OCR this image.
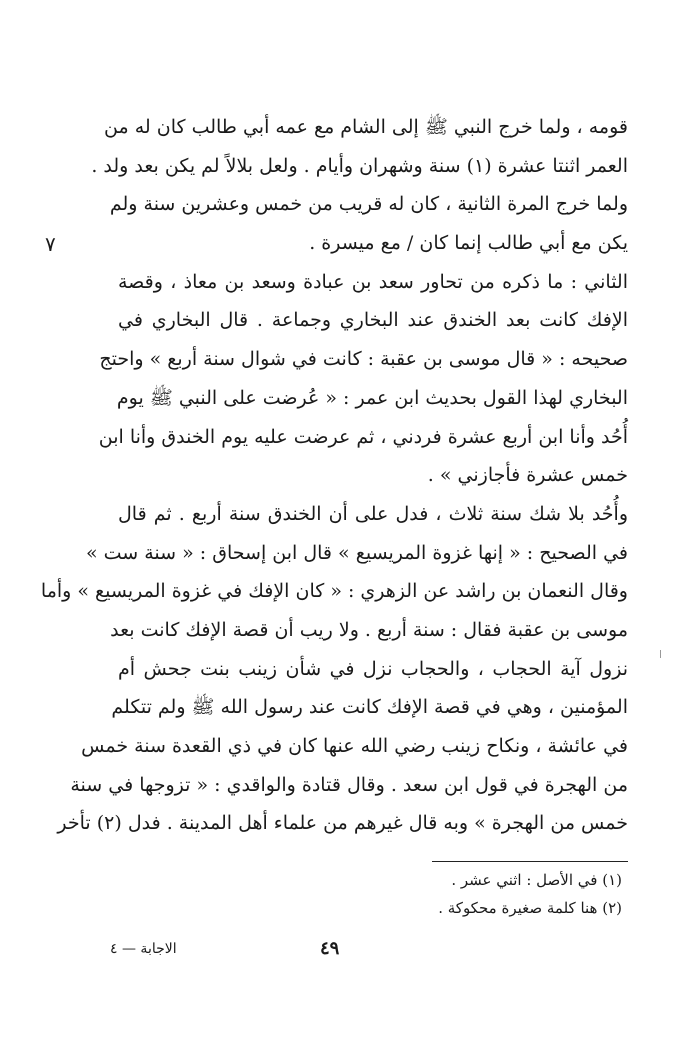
قومه ، ولما خرج النبي ﷺ إلى الشام مع عمه أبي طالب كان له من
العمر اثنتا عشرة (١) سنة وشهران وأيام . ولعل بلالاً لم يكن بعد ولد .
ولما خرج المرة الثانية ، كان له قريب من خمس وعشرين سنة ولم
يكن مع أبي طالب إنما كان / مع ميسرة .
الثاني : ما ذكره من تحاور سعد بن عبادة وسعد بن معاذ ، وقصة
الإفك كانت بعد الخندق عند البخاري وجماعة . قال البخاري في
صحيحه : « قال موسى بن عقبة : كانت في شوال سنة أربع » واحتج
البخاري لهذا القول بحديث ابن عمر : « عُرضت على النبي ﷺ يوم
أُحُد وأنا ابن أربع عشرة فردني ، ثم عرضت عليه يوم الخندق وأنا ابن
خمس عشرة فأجازني » .
وأُحُد بلا شك سنة ثلاث ، فدل على أن الخندق سنة أربع . ثم قال
في الصحيح : « إنها غزوة المريسيع » قال ابن إسحاق : « سنة ست »
وقال النعمان بن راشد عن الزهري : « كان الإفك في غزوة المريسيع » وأما
موسى بن عقبة فقال : سنة أربع . ولا ريب أن قصة الإفك كانت بعد
نزول آية الحجاب ، والحجاب نزل في شأن زينب بنت جحش أم
المؤمنين ، وهي في قصة الإفك كانت عند رسول الله ﷺ ولم تتكلم
في عائشة ، ونكاح زينب رضي الله عنها كان في ذي القعدة سنة خمس
من الهجرة في قول ابن سعد . وقال قتادة والواقدي : « تزوجها في سنة
خمس من الهجرة » وبه قال غيرهم من علماء أهل المدينة . فدل (٢) تأخر
٧
(١) في الأصل : اثني عشر .
(٢) هنا كلمة صغيرة محكوكة .
٤٩
الاجابة — ٤
